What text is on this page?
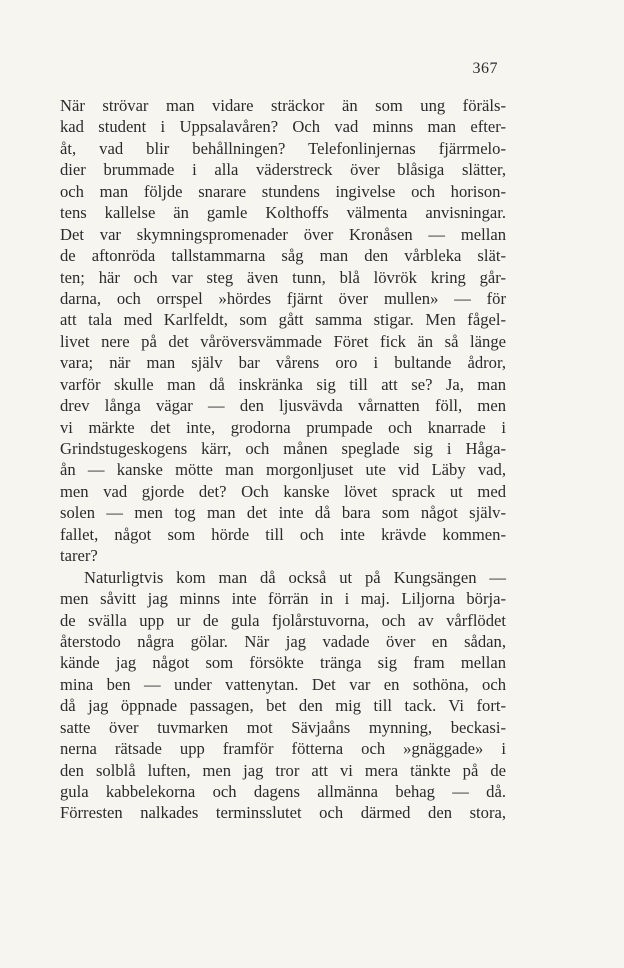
367
När strövar man vidare sträckor än som ung föräls-
kad student i Uppsalavåren? Och vad minns man efter-
åt, vad blir behållningen? Telefonlinjernas fjärrmelo-
dier brummade i alla väderstreck över blåsiga slätter,
och man följde snarare stundens ingivelse och horison-
tens kallelse än gamle Kolthoffs välmenta anvisningar.
Det var skymningspromenader över Kronåsen — mellan
de aftonröda tallstammarna såg man den vårbleka slät-
ten; här och var steg även tunn, blå lövrök kring går-
darna, och orrspel »hördes fjärnt över mullen» — för
att tala med Karlfeldt, som gått samma stigar. Men fågel-
livet nere på det våröversvämmade Föret fick än så länge
vara; när man själv bar vårens oro i bultande ådror,
varför skulle man då inskränka sig till att se? Ja, man
drev långa vägar — den ljusvävda vårnatten föll, men
vi märkte det inte, grodorna prumpade och knarrade i
Grindstugeskogens kärr, och månen speglade sig i Håga-
ån — kanske mötte man morgonljuset ute vid Läby vad,
men vad gjorde det? Och kanske lövet sprack ut med
solen — men tog man det inte då bara som något själv-
fallet, något som hörde till och inte krävde kommen-
tarer?
Naturligtvis kom man då också ut på Kungsängen —
men såvitt jag minns inte förrän in i maj. Liljorna börja-
de svälla upp ur de gula fjolårstuvorna, och av vårflödet
återstodo några gölar. När jag vadade över en sådan,
kände jag något som försökte tränga sig fram mellan
mina ben — under vattenytan. Det var en sothöna, och
då jag öppnade passagen, bet den mig till tack. Vi fort-
satte över tuvmarken mot Sävjaåns mynning, beckasi-
nerna rätsade upp framför fötterna och »gnäggade» i
den solblå luften, men jag tror att vi mera tänkte på de
gula kabbelekorna och dagens allmänna behag — då.
Förresten nalkades terminsslutet och därmed den stora,
